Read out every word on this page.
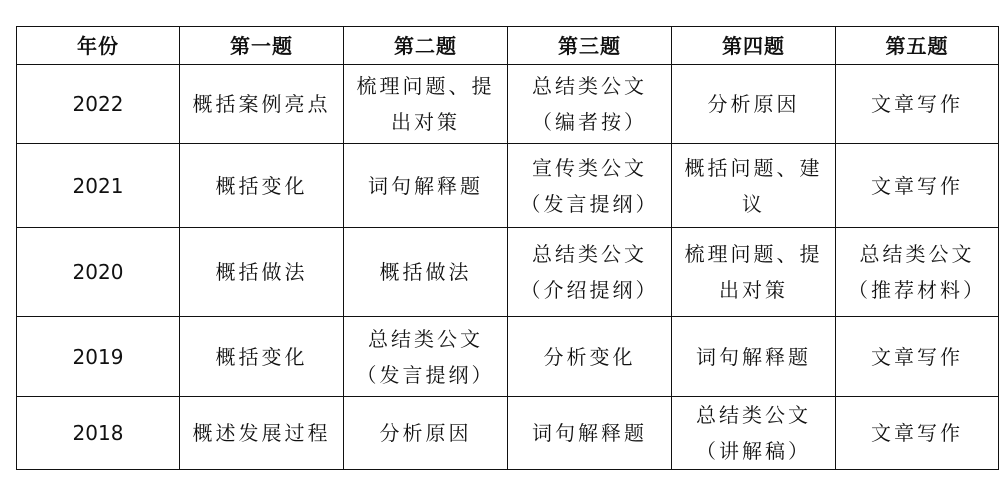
年份	第一题	第二题	第三题	第四题	第五题
2022	概括案例亮点	梳理问题、提出对策	总结类公文（编者按）	分析原因	文章写作
2021	概括变化	词句解释题	宣传类公文（发言提纲）	概括问题、建议	文章写作
2020	概括做法	概括做法	总结类公文（介绍提纲）	梳理问题、提出对策	总结类公文（推荐材料）
2019	概括变化	总结类公文（发言提纲）	分析变化	词句解释题	文章写作
2018	概述发展过程	分析原因	词句解释题	总结类公文（讲解稿）	文章写作
